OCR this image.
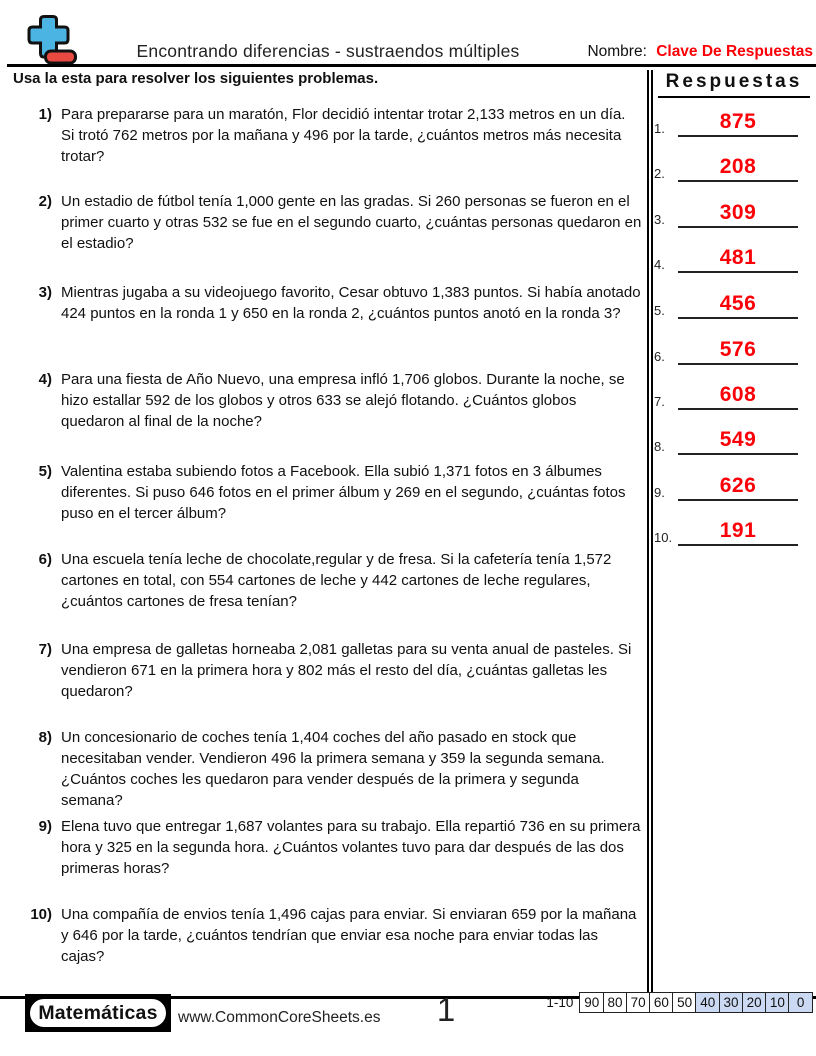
Encontrando diferencias - sustraendos múltiples	Nombre: Clave De Respuestas
Usa la esta para resolver los siguientes problemas.
1) Para prepararse para un maratón, Flor decidió intentar trotar 2,133 metros en un día. Si trotó 762 metros por la mañana y 496 por la tarde, ¿cuántos metros más necesita trotar?
2) Un estadio de fútbol tenía 1,000 gente en las gradas. Si 260 personas se fueron en el primer cuarto y otras 532 se fue en el segundo cuarto, ¿cuántas personas quedaron en el estadio?
3) Mientras jugaba a su videojuego favorito, Cesar obtuvo 1,383 puntos. Si había anotado 424 puntos en la ronda 1 y 650 en la ronda 2, ¿cuántos puntos anotó en la ronda 3?
4) Para una fiesta de Año Nuevo, una empresa infló 1,706 globos. Durante la noche, se hizo estallar 592 de los globos y otros 633 se alejó flotando. ¿Cuántos globos quedaron al final de la noche?
5) Valentina estaba subiendo fotos a Facebook. Ella subió 1,371 fotos en 3 álbumes diferentes. Si puso 646 fotos en el primer álbum y 269 en el segundo, ¿cuántas fotos puso en el tercer álbum?
6) Una escuela tenía leche de chocolate,regular y de fresa. Si la cafetería tenía 1,572 cartones en total, con 554 cartones de leche y 442 cartones de leche regulares, ¿cuántos cartones de fresa tenían?
7) Una empresa de galletas horneaba 2,081 galletas para su venta anual de pasteles. Si vendieron 671 en la primera hora y 802 más el resto del día, ¿cuántas galletas les quedaron?
8) Un concesionario de coches tenía 1,404 coches del año pasado en stock que necesitaban vender. Vendieron 496 la primera semana y 359 la segunda semana. ¿Cuántos coches les quedaron para vender después de la primera y segunda semana?
9) Elena tuvo que entregar 1,687 volantes para su trabajo. Ella repartió 736 en su primera hora y 325 en la segunda hora. ¿Cuántos volantes tuvo para dar después de las dos primeras horas?
10) Una compañía de envios tenía 1,496 cajas para enviar. Si enviaran 659 por la mañana y 646 por la tarde, ¿cuántos tendrían que enviar esa noche para enviar todas las cajas?
Respuestas
1.	875
2.	208
3.	309
4.	481
5.	456
6.	576
7.	608
8.	549
9.	626
10. 191
Matemáticas	www.CommonCoreSheets.es	1	1-10 90 80 70 60 50 40 30 20 10 0
